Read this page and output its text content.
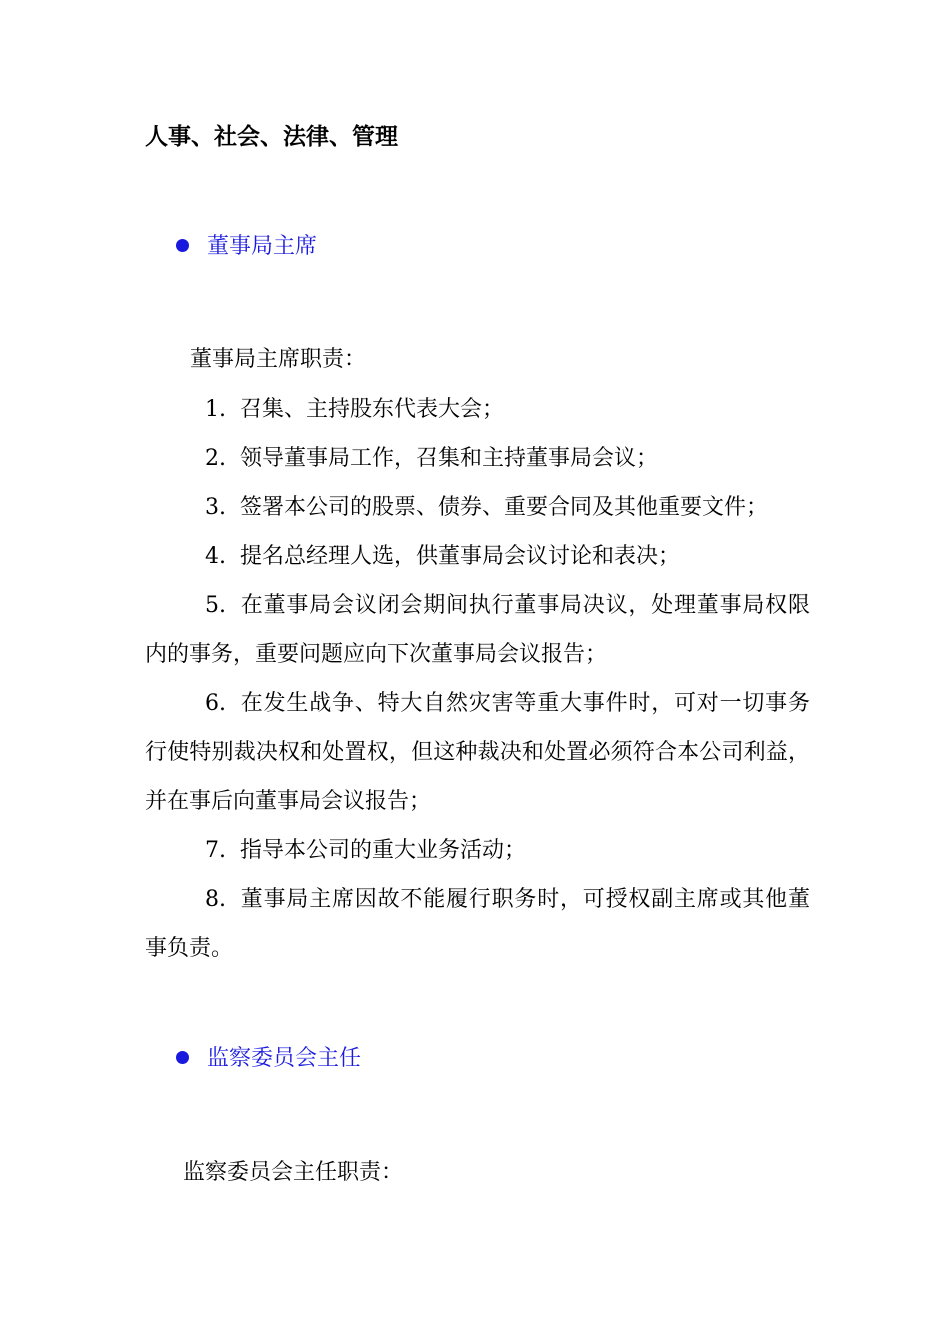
人事、社会、法律、管理
董事局主席
董事局主席职责：
1. 召集、主持股东代表大会；
2. 领导董事局工作，召集和主持董事局会议；
3. 签署本公司的股票、债券、重要合同及其他重要文件；
4. 提名总经理人选，供董事局会议讨论和表决；
5. 在董事局会议闭会期间执行董事局决议，处理董事局权限内的事务，重要问题应向下次董事局会议报告；
6. 在发生战争、特大自然灾害等重大事件时，可对一切事务行使特别裁决权和处置权，但这种裁决和处置必须符合本公司利益，并在事后向董事局会议报告；
7. 指导本公司的重大业务活动；
8. 董事局主席因故不能履行职务时，可授权副主席或其他董事负责。
监察委员会主任
监察委员会主任职责：
